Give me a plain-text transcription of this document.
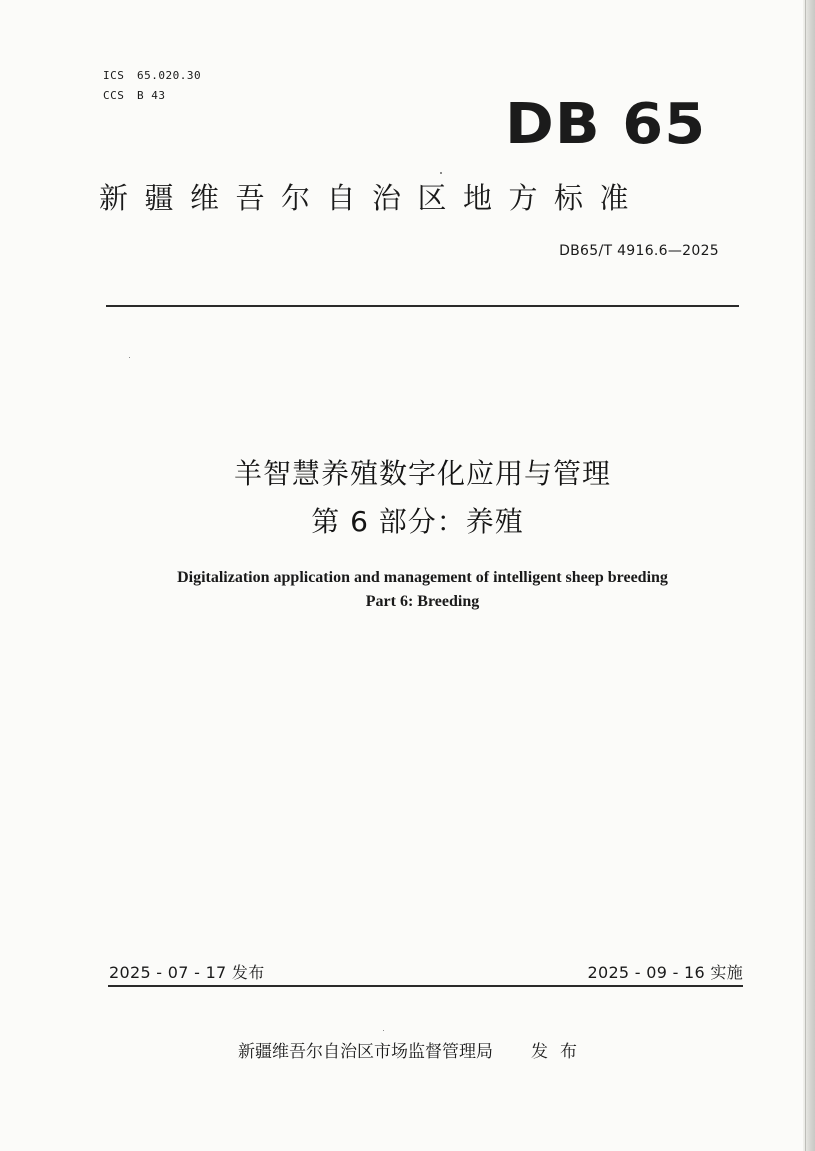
ICS 65.020.30
CCS B 43	DB 65
新疆维吾尔自治区地方标准
DB65/T 4916.6—2025
羊智慧养殖数字化应用与管理
第 6 部分：养殖
Digitalization application and management of intelligent sheep breeding
Part 6: Breeding
2025 - 07 - 17 发布	2025 - 09 - 16 实施
新疆维吾尔自治区市场监督管理局 发布
